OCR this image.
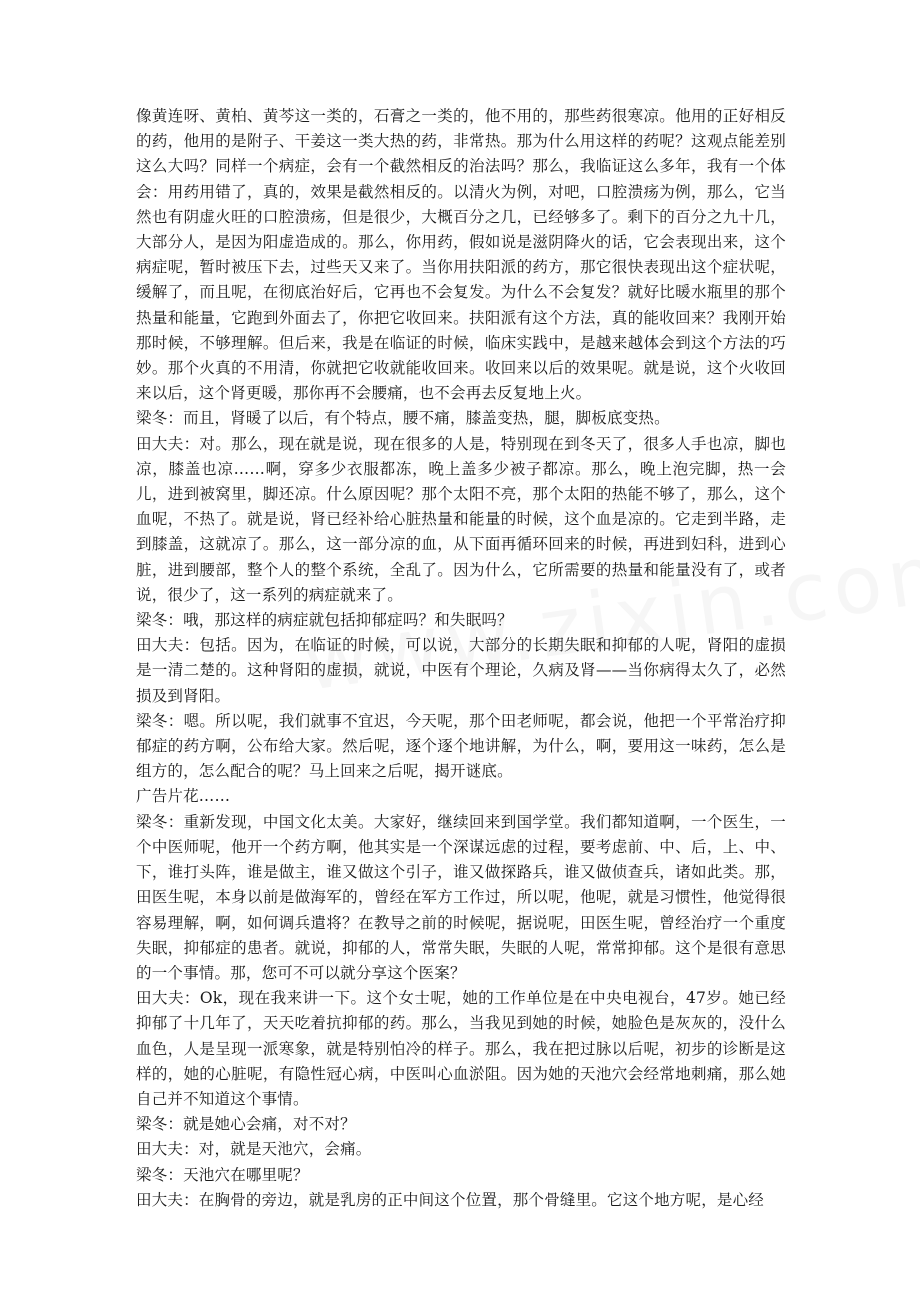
像黄连呀、黄柏、黄芩这一类的，石膏之一类的，他不用的，那些药很寒凉。他用的正好相反的药，他用的是附子、干姜这一类大热的药，非常热。那为什么用这样的药呢？这观点能差别这么大吗？同样一个病症，会有一个截然相反的治法吗？那么，我临证这么多年，我有一个体会：用药用错了，真的，效果是截然相反的。以清火为例，对吧，口腔溃疡为例，那么，它当然也有阴虚火旺的口腔溃疡，但是很少，大概百分之几，已经够多了。剩下的百分之九十几，大部分人，是因为阳虚造成的。那么，你用药，假如说是滋阴降火的话，它会表现出来，这个病症呢，暂时被压下去，过些天又来了。当你用扶阳派的药方，那它很快表现出这个症状呢，缓解了，而且呢，在彻底治好后，它再也不会复发。为什么不会复发？就好比暖水瓶里的那个热量和能量，它跑到外面去了，你把它收回来。扶阳派有这个方法，真的能收回来？我刚开始那时候，不够理解。但后来，我是在临证的时候，临床实践中，是越来越体会到这个方法的巧妙。那个火真的不用清，你就把它收就能收回来。收回来以后的效果呢。就是说，这个火收回来以后，这个肾更暖，那你再不会腰痛，也不会再去反复地上火。

梁冬：而且，肾暖了以后，有个特点，腰不痛，膝盖变热，腿，脚板底变热。

田大夫：对。那么，现在就是说，现在很多的人是，特别现在到冬天了，很多人手也凉，脚也凉，膝盖也凉……啊，穿多少衣服都冻，晚上盖多少被子都凉。那么，晚上泡完脚，热一会儿，进到被窝里，脚还凉。什么原因呢？那个太阳不亮，那个太阳的热能不够了，那么，这个血呢，不热了。就是说，肾已经补给心脏热量和能量的时候，这个血是凉的。它走到半路，走到膝盖，这就凉了。那么，这一部分凉的血，从下面再循环回来的时候，再进到妇科，进到心脏，进到腰部，整个人的整个系统，全乱了。因为什么，它所需要的热量和能量没有了，或者说，很少了，这一系列的病症就来了。

梁冬：哦，那这样的病症就包括抑郁症吗？和失眠吗？

田大夫：包括。因为，在临证的时候，可以说，大部分的长期失眠和抑郁的人呢，肾阳的虚损是一清二楚的。这种肾阳的虚损，就说，中医有个理论，久病及肾——当你病得太久了，必然损及到肾阳。

梁冬：嗯。所以呢，我们就事不宜迟，今天呢，那个田老师呢，都会说，他把一个平常治疗抑郁症的药方啊，公布给大家。然后呢，逐个逐个地讲解，为什么，啊，要用这一味药，怎么是组方的，怎么配合的呢？马上回来之后呢，揭开谜底。

广告片花……

梁冬：重新发现，中国文化太美。大家好，继续回来到国学堂。我们都知道啊，一个医生，一个中医师呢，他开一个药方啊，他其实是一个深谋远虑的过程，要考虑前、中、后，上、中、下，谁打头阵，谁是做主，谁又做这个引子，谁又做探路兵，谁又做侦查兵，诸如此类。那，田医生呢，本身以前是做海军的，曾经在军方工作过，所以呢，他呢，就是习惯性，他觉得很容易理解，啊，如何调兵遣将？在教导之前的时候呢，据说呢，田医生呢，曾经治疗一个重度失眠，抑郁症的患者。就说，抑郁的人，常常失眠，失眠的人呢，常常抑郁。这个是很有意思的一个事情。那，您可不可以就分享这个医案？

田大夫：Ok，现在我来讲一下。这个女士呢，她的工作单位是在中央电视台，47岁。她已经抑郁了十几年了，天天吃着抗抑郁的药。那么，当我见到她的时候，她脸色是灰灰的，没什么血色，人是呈现一派寒象，就是特别怕冷的样子。那么，我在把过脉以后呢，初步的诊断是这样的，她的心脏呢，有隐性冠心病，中医叫心血淤阻。因为她的天池穴会经常地刺痛，那么她自己并不知道这个事情。

梁冬：就是她心会痛，对不对？

田大夫：对，就是天池穴，会痛。

梁冬：天池穴在哪里呢？

田大夫：在胸骨的旁边，就是乳房的正中间这个位置，那个骨缝里。它这个地方呢，是心经
